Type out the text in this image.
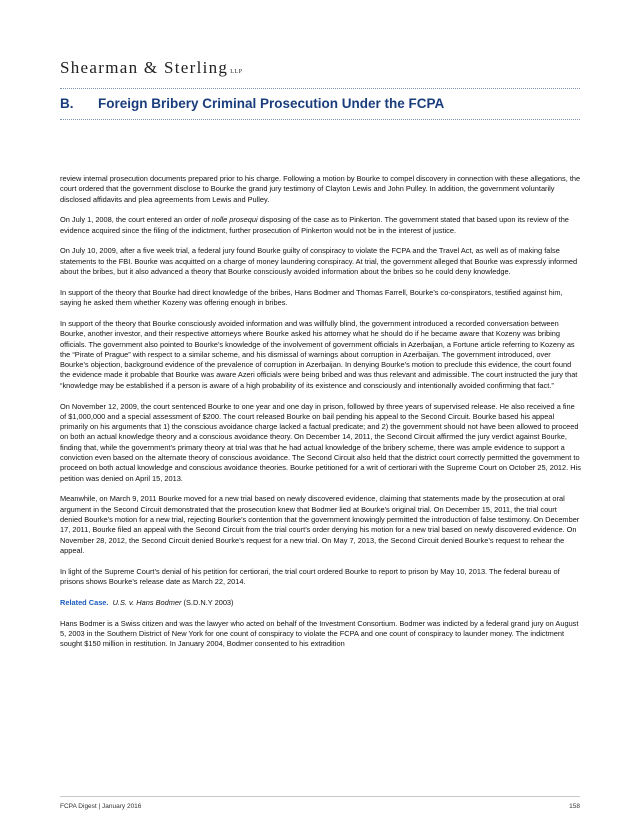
Shearman & Sterling LLP
B. Foreign Bribery Criminal Prosecution Under the FCPA

review internal prosecution documents prepared prior to his charge. Following a motion by Bourke to compel discovery in connection with these allegations, the court ordered that the government disclose to Bourke the grand jury testimony of Clayton Lewis and John Pulley. In addition, the government voluntarily disclosed affidavits and plea agreements from Lewis and Pulley.

On July 1, 2008, the court entered an order of nolle prosequi disposing of the case as to Pinkerton. The government stated that based upon its review of the evidence acquired since the filing of the indictment, further prosecution of Pinkerton would not be in the interest of justice.

On July 10, 2009, after a five week trial, a federal jury found Bourke guilty of conspiracy to violate the FCPA and the Travel Act, as well as of making false statements to the FBI. Bourke was acquitted on a charge of money laundering conspiracy. At trial, the government alleged that Bourke was expressly informed about the bribes, but it also advanced a theory that Bourke consciously avoided information about the bribes so he could deny knowledge.

In support of the theory that Bourke had direct knowledge of the bribes, Hans Bodmer and Thomas Farrell, Bourke’s co-conspirators, testified against him, saying he asked them whether Kozeny was offering enough in bribes.

In support of the theory that Bourke consciously avoided information and was willfully blind, the government introduced a recorded conversation between Bourke, another investor, and their respective attorneys where Bourke asked his attorney what he should do if he became aware that Kozeny was bribing officials. The government also pointed to Bourke’s knowledge of the involvement of government officials in Azerbaijan, a Fortune article referring to Kozeny as the “Pirate of Prague” with respect to a similar scheme, and his dismissal of warnings about corruption in Azerbaijan. The government introduced, over Bourke’s objection, background evidence of the prevalence of corruption in Azerbaijan. In denying Bourke’s motion to preclude this evidence, the court found the evidence made it probable that Bourke was aware Azeri officials were being bribed and was thus relevant and admissible. The court instructed the jury that “knowledge may be established if a person is aware of a high probability of its existence and consciously and intentionally avoided confirming that fact.”

On November 12, 2009, the court sentenced Bourke to one year and one day in prison, followed by three years of supervised release. He also received a fine of $1,000,000 and a special assessment of $200. The court released Bourke on bail pending his appeal to the Second Circuit. Bourke based his appeal primarily on his arguments that 1) the conscious avoidance charge lacked a factual predicate; and 2) the government should not have been allowed to proceed on both an actual knowledge theory and a conscious avoidance theory. On December 14, 2011, the Second Circuit affirmed the jury verdict against Bourke, finding that, while the government’s primary theory at trial was that he had actual knowledge of the bribery scheme, there was ample evidence to support a conviction even based on the alternate theory of conscious avoidance. The Second Circuit also held that the district court correctly permitted the government to proceed on both actual knowledge and conscious avoidance theories. Bourke petitioned for a writ of certiorari with the Supreme Court on October 25, 2012. His petition was denied on April 15, 2013.

Meanwhile, on March 9, 2011 Bourke moved for a new trial based on newly discovered evidence, claiming that statements made by the prosecution at oral argument in the Second Circuit demonstrated that the prosecution knew that Bodmer lied at Bourke’s original trial. On December 15, 2011, the trial court denied Bourke’s motion for a new trial, rejecting Bourke’s contention that the government knowingly permitted the introduction of false testimony. On December 17, 2011, Bourke filed an appeal with the Second Circuit from the trial court’s order denying his motion for a new trial based on newly discovered evidence. On November 28, 2012, the Second Circuit denied Bourke’s request for a new trial. On May 7, 2013, the Second Circuit denied Bourke’s request to rehear the appeal.

In light of the Supreme Court’s denial of his petition for certiorari, the trial court ordered Bourke to report to prison by May 10, 2013. The federal bureau of prisons shows Bourke’s release date as March 22, 2014.

Related Case. U.S. v. Hans Bodmer (S.D.N.Y 2003)

Hans Bodmer is a Swiss citizen and was the lawyer who acted on behalf of the Investment Consortium. Bodmer was indicted by a federal grand jury on August 5, 2003 in the Southern District of New York for one count of conspiracy to violate the FCPA and one count of conspiracy to launder money. The indictment sought $150 million in restitution. In January 2004, Bodmer consented to his extradition

FCPA Digest | January 2016	158
